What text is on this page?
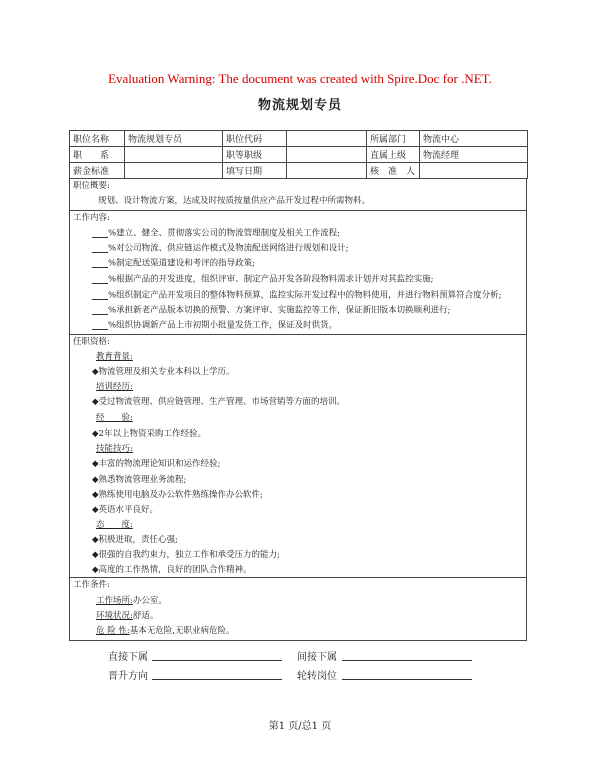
Evaluation Warning: The document was created with Spire.Doc for .NET.
物流规划专员
职位名称	物流规划专员	职位代码		所属部门	物流中心
职　　系		职等职级		直属上级	物流经理
薪金标准		填写日期		核　准　人	
职位概要:
规划、设计物流方案，达成及时按质按量供应产品开发过程中所需物料。
工作内容:
%建立、健全、贯彻落实公司的物流管理制度及相关工作流程;
%对公司物流、供应链运作模式及物流配送网络进行规划和设计;
%制定配送渠道建设和考评的指导政策;
%根据产品的开发进度，组织评审、制定产品开发各阶段物料需求计划并对其监控实施;
%组织制定产品开发项目的整体物料预算，监控实际开发过程中的物料使用，并进行物料预算符合度分析;
%承担新老产品版本切换的预警、方案评审、实施监控等工作，保证新旧版本切换顺利进行;
%组织协调新产品上市初期小批量发货工作，保证及时供货。
任职资格:
教育背景:
◆物流管理及相关专业本科以上学历。
培训经历:
◆受过物流管理、供应链管理、生产管理、市场营销等方面的培训。
经　　验:
◆2年以上物资采购工作经验。
技能技巧:
◆丰富的物流理论知识和运作经验;
◆熟悉物流管理业务流程;
◆熟练使用电脑及办公软件熟练操作办公软件;
◆英语水平良好。
态　　度:
◆积极进取，责任心强;
◆很强的自我约束力，独立工作和承受压力的能力;
◆高度的工作热情，良好的团队合作精神。
工作条件:
工作场所:办公室。
环境状况:舒适。
危 险 性:基本无危险,无职业病危险。
直接下属	间接下属
晋升方向	轮转岗位
第1 页/总1 页
